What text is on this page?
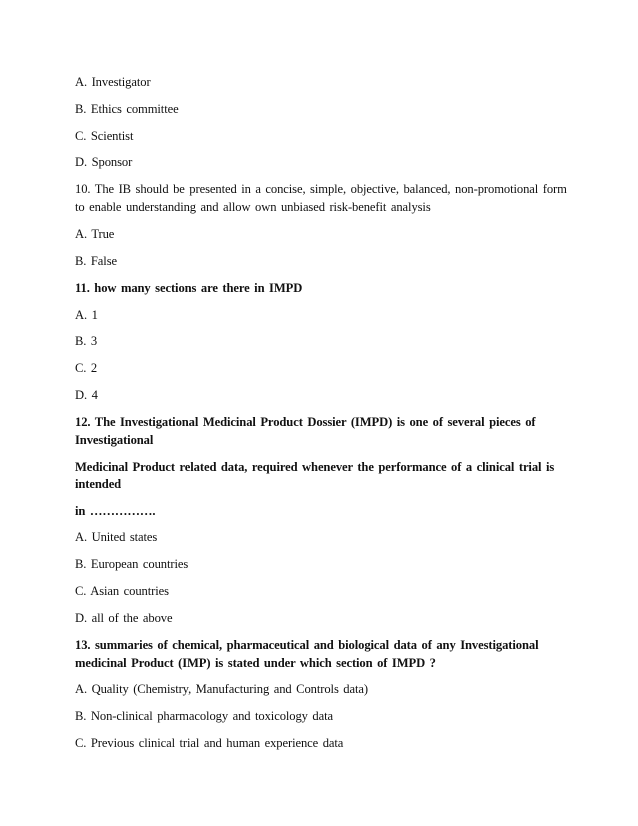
A. Investigator
B. Ethics committee
C. Scientist
D. Sponsor
10. The IB should be presented in a concise, simple, objective, balanced, non-promotional form
to enable understanding and allow own unbiased risk-benefit analysis
A. True
B. False
11. how many sections are there in IMPD
A. 1
B. 3
C. 2
D. 4
12. The Investigational Medicinal Product Dossier (IMPD) is one of several pieces of
Investigational
Medicinal Product related data, required whenever the performance of a clinical trial is
intended
in …………….
A. United states
B. European countries
C. Asian countries
D. all of the above
13. summaries of chemical, pharmaceutical and biological data of any Investigational
medicinal Product (IMP) is stated under which section of IMPD ?
A. Quality (Chemistry, Manufacturing and Controls data)
B. Non-clinical pharmacology and toxicology data
C. Previous clinical trial and human experience data
